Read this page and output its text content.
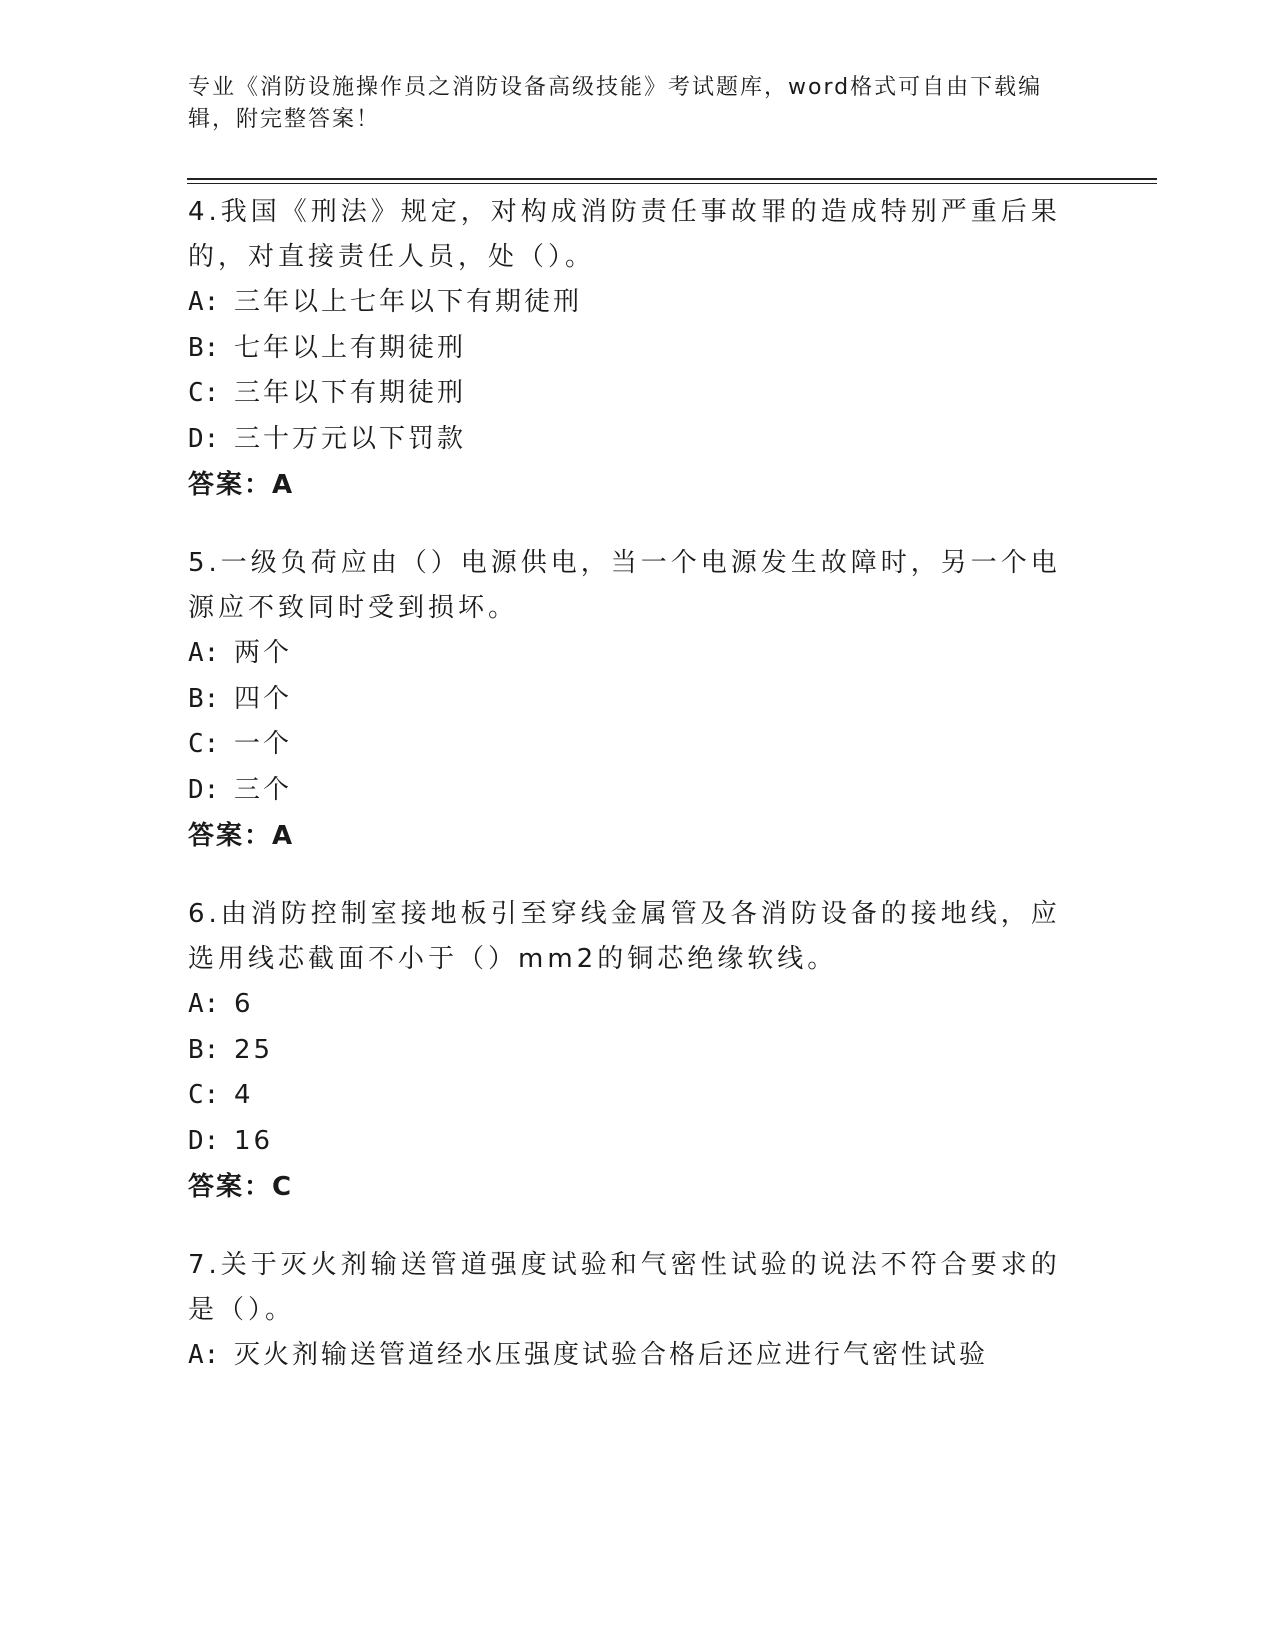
专业《消防设施操作员之消防设备高级技能》考试题库，word格式可自由下载编辑，附完整答案！

4.我国《刑法》规定，对构成消防责任事故罪的造成特别严重后果的，对直接责任人员，处（）。

A: 三年以上七年以下有期徒刑

B: 七年以上有期徒刑

C: 三年以下有期徒刑

D: 三十万元以下罚款

答案：A

5.一级负荷应由（）电源供电，当一个电源发生故障时，另一个电源应不致同时受到损坏。

A: 两个

B: 四个

C: 一个

D: 三个

答案：A

6.由消防控制室接地板引至穿线金属管及各消防设备的接地线，应选用线芯截面不小于（）mm2的铜芯绝缘软线。

A: 6

B: 25

C: 4

D: 16

答案：C

7.关于灭火剂输送管道强度试验和气密性试验的说法不符合要求的是（）。

A: 灭火剂输送管道经水压强度试验合格后还应进行气密性试验
